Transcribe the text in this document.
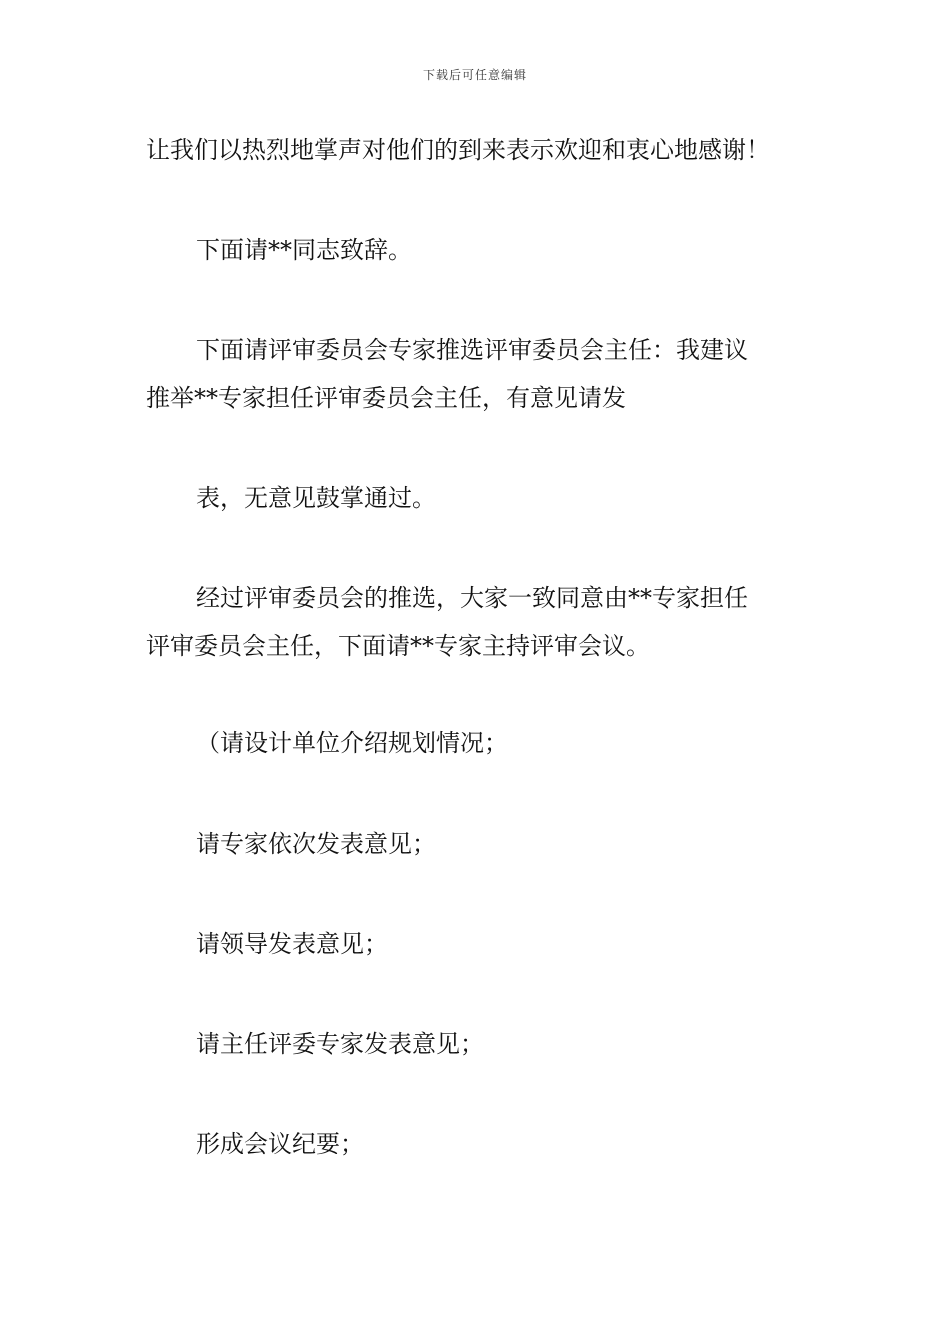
下载后可任意编辑
让我们以热烈地掌声对他们的到来表示欢迎和衷心地感谢！
下面请**同志致辞。
下面请评审委员会专家推选评审委员会主任：我建议
推举**专家担任评审委员会主任，有意见请发
表，无意见鼓掌通过。
经过评审委员会的推选，大家一致同意由**专家担任
评审委员会主任，下面请**专家主持评审会议。
（请设计单位介绍规划情况；
请专家依次发表意见；
请领导发表意见；
请主任评委专家发表意见；
形成会议纪要；
